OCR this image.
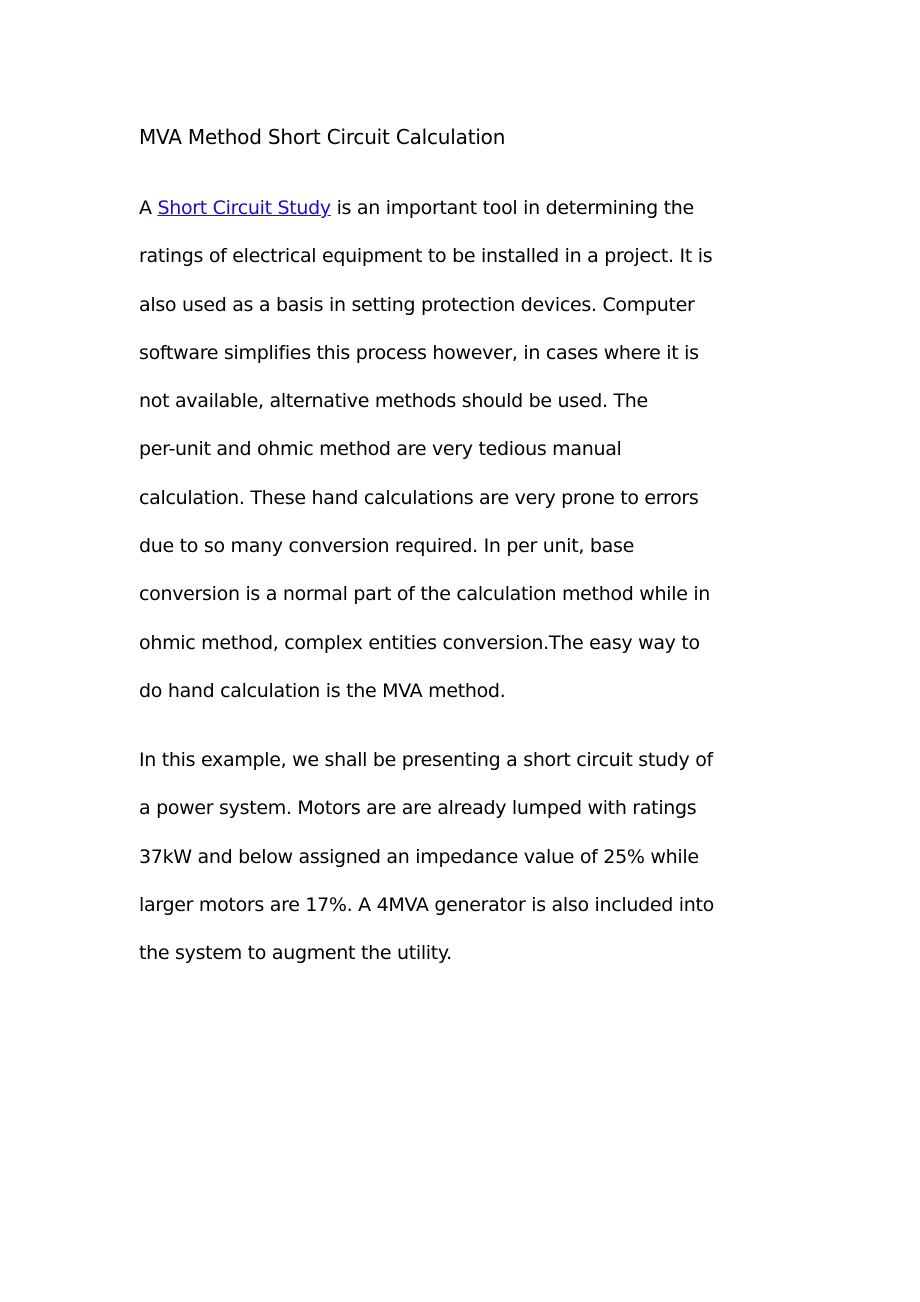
MVA Method Short Circuit Calculation

A Short Circuit Study is an important tool in determining the
ratings of electrical equipment to be installed in a project. It is
also used as a basis in setting protection devices. Computer
software simplifies this process however, in cases where it is
not available, alternative methods should be used. The
per-unit and ohmic method are very tedious manual
calculation. These hand calculations are very prone to errors
due to so many conversion required. In per unit, base
conversion is a normal part of the calculation method while in
ohmic method, complex entities conversion.The easy way to
do hand calculation is the MVA method.

In this example, we shall be presenting a short circuit study of
a power system. Motors are are already lumped with ratings
37kW and below assigned an impedance value of 25% while
larger motors are 17%. A 4MVA generator is also included into
the system to augment the utility.
